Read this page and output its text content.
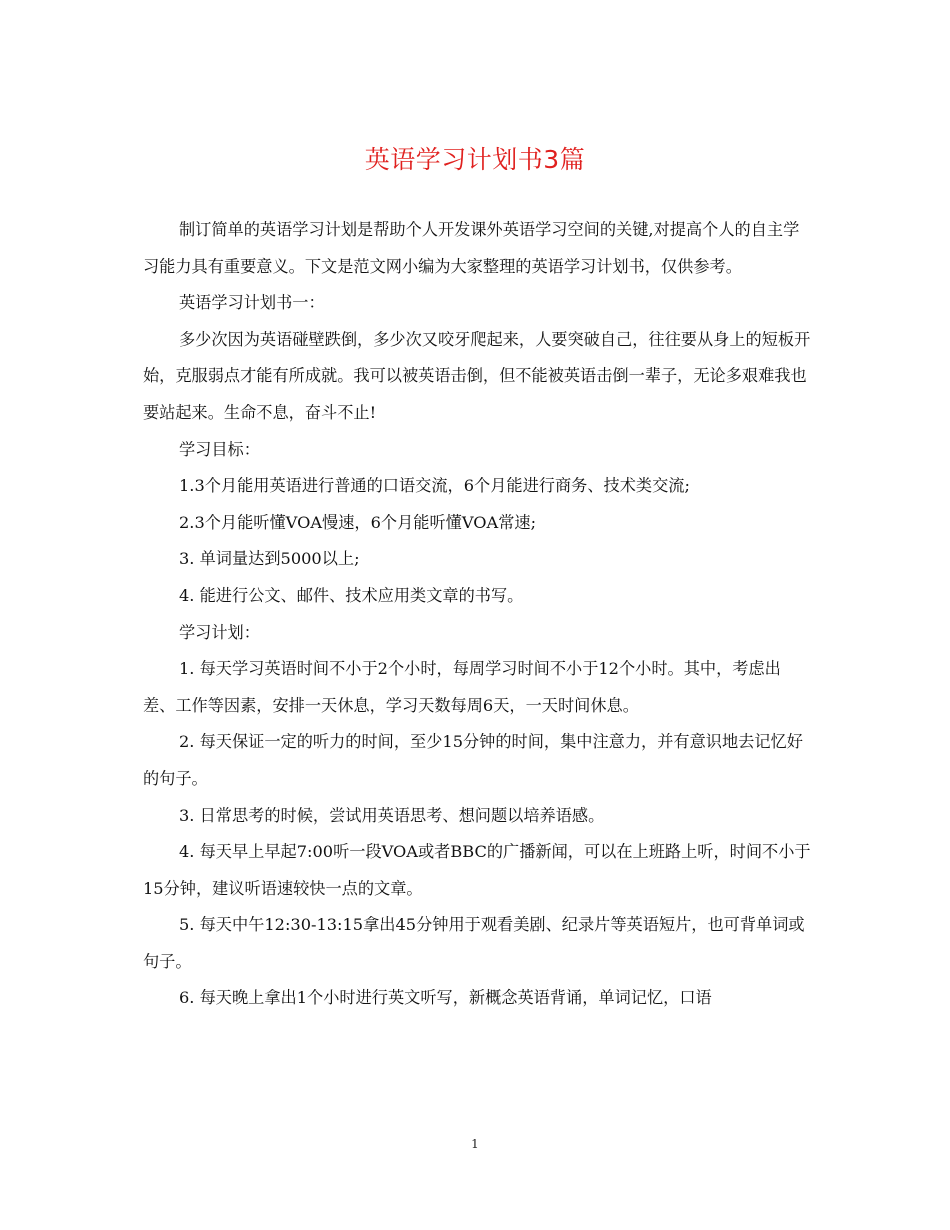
英语学习计划书3篇

制订简单的英语学习计划是帮助个人开发课外英语学习空间的关键,对提高个人的自主学习能力具有重要意义。下文是范文网小编为大家整理的英语学习计划书，仅供参考。

英语学习计划书一：

多少次因为英语碰壁跌倒，多少次又咬牙爬起来，人要突破自己，往往要从身上的短板开始，克服弱点才能有所成就。我可以被英语击倒，但不能被英语击倒一辈子，无论多艰难我也要站起来。生命不息，奋斗不止!

学习目标：

1.3个月能用英语进行普通的口语交流，6个月能进行商务、技术类交流;

2.3个月能听懂VOA慢速，6个月能听懂VOA常速;

3. 单词量达到5000以上;

4. 能进行公文、邮件、技术应用类文章的书写。

学习计划：

1. 每天学习英语时间不小于2个小时，每周学习时间不小于12个小时。其中，考虑出差、工作等因素，安排一天休息，学习天数每周6天，一天时间休息。

2. 每天保证一定的听力的时间，至少15分钟的时间，集中注意力，并有意识地去记忆好的句子。

3. 日常思考的时候，尝试用英语思考、想问题以培养语感。

4. 每天早上早起7:00听一段VOA或者BBC的广播新闻，可以在上班路上听，时间不小于15分钟，建议听语速较快一点的文章。

5. 每天中午12:30-13:15拿出45分钟用于观看美剧、纪录片等英语短片，也可背单词或句子。

6. 每天晚上拿出1个小时进行英文听写，新概念英语背诵，单词记忆，口语

1
